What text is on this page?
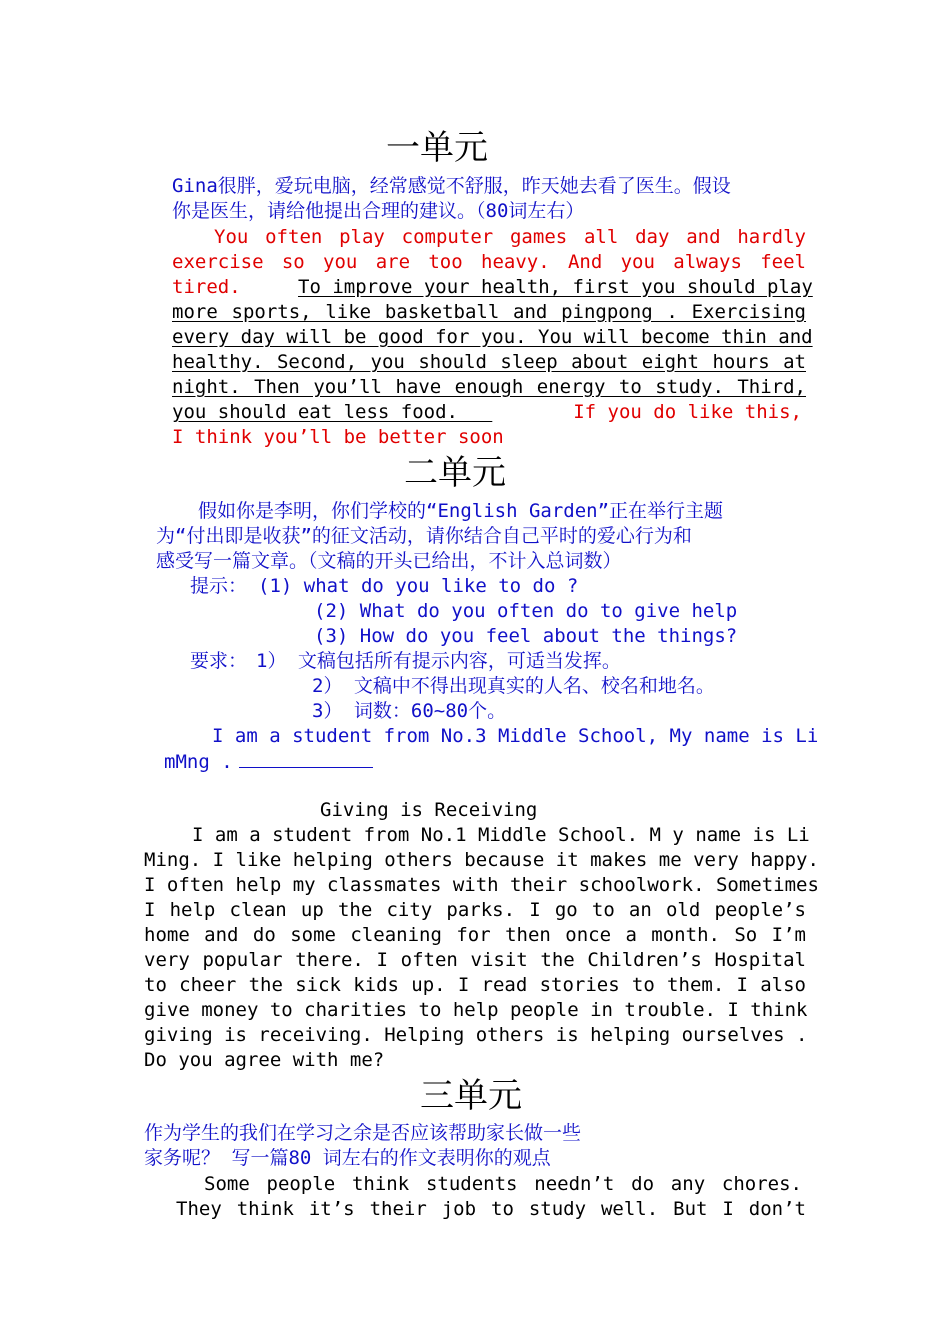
一单元
Gina很胖，爱玩电脑，经常感觉不舒服，昨天她去看了医生。假设
你是医生，请给他提出合理的建议。（80词左右）
You often play computer games all day and hardly
exercise so you are too heavy. And you always feel
tired.	To improve your health, first you should play
more sports, like basketball and pingpong . Exercising
every day will be good for you. You will become thin and
healthy. Second, you should sleep about eight hours at
night. Then you’ll have enough energy to study. Third,
you should eat less food.	If you do like this,
I think you’ll be better soon
二单元
假如你是李明，你们学校的“English Garden”正在举行主题
为“付出即是收获”的征文活动，请你结合自己平时的爱心行为和
感受写一篇文章。（文稿的开头已给出，不计入总词数）
提示： (1) what do you like to do ?
(2) What do you often do to give help
(3) How do you feel about the things?
要求： 1） 文稿包括所有提示内容，可适当发挥。
2） 文稿中不得出现真实的人名、校名和地名。
3） 词数：60~80个。
I am a student from No.3 Middle School, My name is Li
mMng .
Giving is Receiving
I am a student from No.1 Middle School. M y name is Li
Ming. I like helping others because it makes me very happy.
I often help my classmates with their schoolwork. Sometimes
I help clean up the city parks. I go to an old people’s
home and do some cleaning for then once a month. So I’m
very popular there. I often visit the Children’s Hospital
to cheer the sick kids up. I read stories to them. I also
give money to charities to help people in trouble. I think
giving is receiving. Helping others is helping ourselves .
Do you agree with me?
三单元
作为学生的我们在学习之余是否应该帮助家长做一些
家务呢？ 写一篇80 词左右的作文表明你的观点
Some people think students needn’t do any chores.
They think it’s their job to study well. But I don’t
